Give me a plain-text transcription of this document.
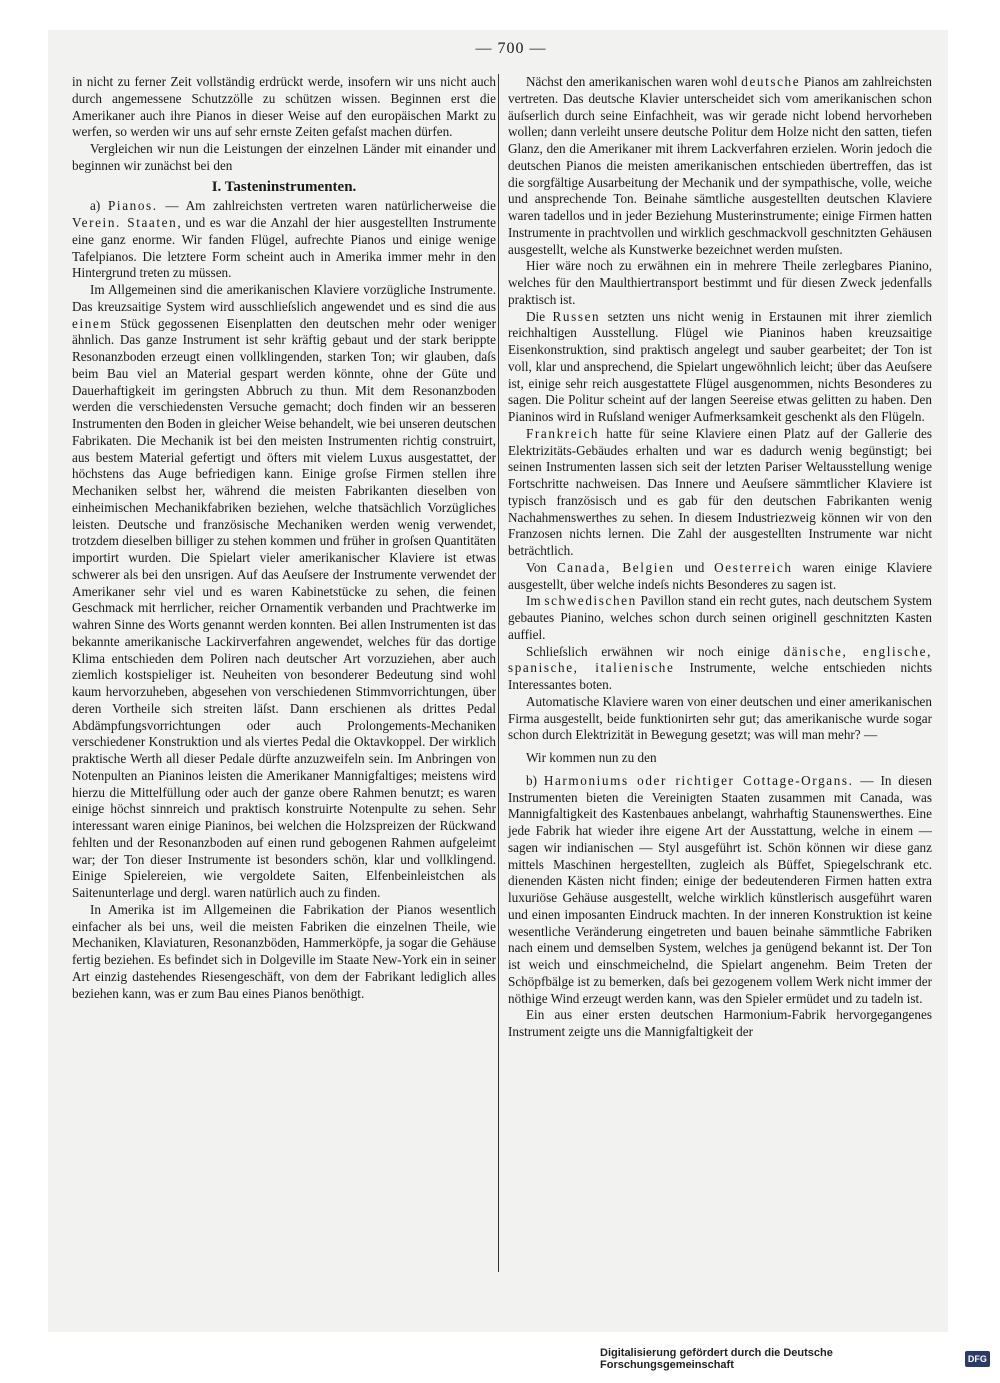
— 700 —

in nicht zu ferner Zeit vollständig erdrückt werde, insofern wir uns nicht auch durch angemessene Schutzzölle zu schützen wissen. Beginnen erst die Amerikaner auch ihre Pianos in dieser Weise auf den europäischen Markt zu werfen, so werden wir uns auf sehr ernste Zeiten gefaſst machen dürfen.

Vergleichen wir nun die Leistungen der einzelnen Länder mit einander und beginnen wir zunächst bei den

I. Tasteninstrumenten.

a) Pianos. — Am zahlreichsten vertreten waren natürlicherweise die Verein. Staaten, und es war die Anzahl der hier ausgestellten Instrumente eine ganz enorme. Wir fanden Flügel, aufrechte Pianos und einige wenige Tafelpianos. Die letztere Form scheint auch in Amerika immer mehr in den Hintergrund treten zu müssen.

Im Allgemeinen sind die amerikanischen Klaviere vorzügliche Instrumente. Das kreuzsaitige System wird ausschlieſslich angewendet und es sind die aus einem Stück gegossenen Eisenplatten den deutschen mehr oder weniger ähnlich. Das ganze Instrument ist sehr kräftig gebaut und der stark berippte Resonanzboden erzeugt einen vollklingenden, starken Ton; wir glauben, daſs beim Bau viel an Material gespart werden könnte, ohne der Güte und Dauerhaftigkeit im geringsten Abbruch zu thun. Mit dem Resonanzboden werden die verschiedensten Versuche gemacht; doch finden wir an besseren Instrumenten den Boden in gleicher Weise behandelt, wie bei unseren deutschen Fabrikaten. Die Mechanik ist bei den meisten Instrumenten richtig construirt, aus bestem Material gefertigt und öfters mit vielem Luxus ausgestattet, der höchstens das Auge befriedigen kann. Einige groſse Firmen stellen ihre Mechaniken selbst her, während die meisten Fabrikanten dieselben von einheimischen Mechanikfabriken beziehen, welche thatsächlich Vorzügliches leisten. Deutsche und französische Mechaniken werden wenig verwendet, trotzdem dieselben billiger zu stehen kommen und früher in groſsen Quantitäten importirt wurden. Die Spielart vieler amerikanischer Klaviere ist etwas schwerer als bei den unsrigen. Auf das Aeuſsere der Instrumente verwendet der Amerikaner sehr viel und es waren Kabinetstücke zu sehen, die feinen Geschmack mit herrlicher, reicher Ornamentik verbanden und Prachtwerke im wahren Sinne des Worts genannt werden konnten. Bei allen Instrumenten ist das bekannte amerikanische Lackirverfahren angewendet, welches für das dortige Klima entschieden dem Poliren nach deutscher Art vorzuziehen, aber auch ziemlich kostspieliger ist. Neuheiten von besonderer Bedeutung sind wohl kaum hervorzuheben, abgesehen von verschiedenen Stimmvorrichtungen, über deren Vortheile sich streiten läſst. Dann erschienen als drittes Pedal Abdämpfungsvorrichtungen oder auch Prolongements-Mechaniken verschiedener Konstruktion und als viertes Pedal die Oktavkoppel. Der wirklich praktische Werth all dieser Pedale dürfte anzuzweifeln sein. Im Anbringen von Notenpulten an Pianinos leisten die Amerikaner Mannigfaltiges; meistens wird hierzu die Mittelfüllung oder auch der ganze obere Rahmen benutzt; es waren einige höchst sinnreich und praktisch konstruirte Notenpulte zu sehen. Sehr interessant waren einige Pianinos, bei welchen die Holzspreizen der Rückwand fehlten und der Resonanzboden auf einen rund gebogenen Rahmen aufgeleimt war; der Ton dieser Instrumente ist besonders schön, klar und vollklingend. Einige Spielereien, wie vergoldete Saiten, Elfenbeinleistchen als Saitenunterlage und dergl. waren natürlich auch zu finden.

In Amerika ist im Allgemeinen die Fabrikation der Pianos wesentlich einfacher als bei uns, weil die meisten Fabriken die einzelnen Theile, wie Mechaniken, Klaviaturen, Resonanzböden, Hammerköpfe, ja sogar die Gehäuse fertig beziehen. Es befindet sich in Dolgeville im Staate New-York ein in seiner Art einzig dastehendes Riesengeschäft, von dem der Fabrikant lediglich alles beziehen kann, was er zum Bau eines Pianos benöthigt.

Nächst den amerikanischen waren wohl deutsche Pianos am zahlreichsten vertreten. Das deutsche Klavier unterscheidet sich vom amerikanischen schon äuſserlich durch seine Einfachheit, was wir gerade nicht lobend hervorheben wollen; dann verleiht unsere deutsche Politur dem Holze nicht den satten, tiefen Glanz, den die Amerikaner mit ihrem Lackverfahren erzielen. Worin jedoch die deutschen Pianos die meisten amerikanischen entschieden übertreffen, das ist die sorgfältige Ausarbeitung der Mechanik und der sympathische, volle, weiche und ansprechende Ton. Beinahe sämtliche ausgestellten deutschen Klaviere waren tadellos und in jeder Beziehung Musterinstrumente; einige Firmen hatten Instrumente in prachtvollen und wirklich geschmackvoll geschnitzten Gehäusen ausgestellt, welche als Kunstwerke bezeichnet werden muſsten.

Hier wäre noch zu erwähnen ein in mehrere Theile zerlegbares Pianino, welches für den Maulthiertransport bestimmt und für diesen Zweck jedenfalls praktisch ist.

Die Russen setzten uns nicht wenig in Erstaunen mit ihrer ziemlich reichhaltigen Ausstellung. Flügel wie Pianinos haben kreuzsaitige Eisenkonstruktion, sind praktisch angelegt und sauber gearbeitet; der Ton ist voll, klar und ansprechend, die Spielart ungewöhnlich leicht; über das Aeuſsere ist, einige sehr reich ausgestattete Flügel ausgenommen, nichts Besonderes zu sagen. Die Politur scheint auf der langen Seereise etwas gelitten zu haben. Den Pianinos wird in Ruſsland weniger Aufmerksamkeit geschenkt als den Flügeln.

Frankreich hatte für seine Klaviere einen Platz auf der Gallerie des Elektrizitäts-Gebäudes erhalten und war es dadurch wenig begünstigt; bei seinen Instrumenten lassen sich seit der letzten Pariser Weltausstellung wenige Fortschritte nachweisen. Das Innere und Aeuſsere sämmtlicher Klaviere ist typisch französisch und es gab für den deutschen Fabrikanten wenig Nachahmenswerthes zu sehen. In diesem Industriezweig können wir von den Franzosen nichts lernen. Die Zahl der ausgestellten Instrumente war nicht beträchtlich.

Von Canada, Belgien und Oesterreich waren einige Klaviere ausgestellt, über welche indeſs nichts Besonderes zu sagen ist.

Im schwedischen Pavillon stand ein recht gutes, nach deutschem System gebautes Pianino, welches schon durch seinen originell geschnitzten Kasten auffiel.

Schlieſslich erwähnen wir noch einige dänische, englische, spanische, italienische Instrumente, welche entschieden nichts Interessantes boten.

Automatische Klaviere waren von einer deutschen und einer amerikanischen Firma ausgestellt, beide funktionirten sehr gut; das amerikanische wurde sogar schon durch Elektrizität in Bewegung gesetzt; was will man mehr? —

Wir kommen nun zu den

b) Harmoniums oder richtiger Cottage-Organs. — In diesen Instrumenten bieten die Vereinigten Staaten zusammen mit Canada, was Mannigfaltigkeit des Kastenbaues anbelangt, wahrhaftig Staunenswerthes. Eine jede Fabrik hat wieder ihre eigene Art der Ausstattung, welche in einem — sagen wir indianischen — Styl ausgeführt ist. Schön können wir diese ganz mittels Maschinen hergestellten, zugleich als Büffet, Spiegelschrank etc. dienenden Kästen nicht finden; einige der bedeutenderen Firmen hatten extra luxuriöse Gehäuse ausgestellt, welche wirklich künstlerisch ausgeführt waren und einen imposanten Eindruck machten. In der inneren Konstruktion ist keine wesentliche Veränderung eingetreten und bauen beinahe sämmtliche Fabriken nach einem und demselben System, welches ja genügend bekannt ist. Der Ton ist weich und einschmeichelnd, die Spielart angenehm. Beim Treten der Schöpfbälge ist zu bemerken, daſs bei gezogenem vollem Werk nicht immer der nöthige Wind erzeugt werden kann, was den Spieler ermüdet und zu tadeln ist.

Ein aus einer ersten deutschen Harmonium-Fabrik hervorgegangenes Instrument zeigte uns die Mannigfaltigkeit der

Digitalisierung gefördert durch die Deutsche Forschungsgemeinschaft	DFG
